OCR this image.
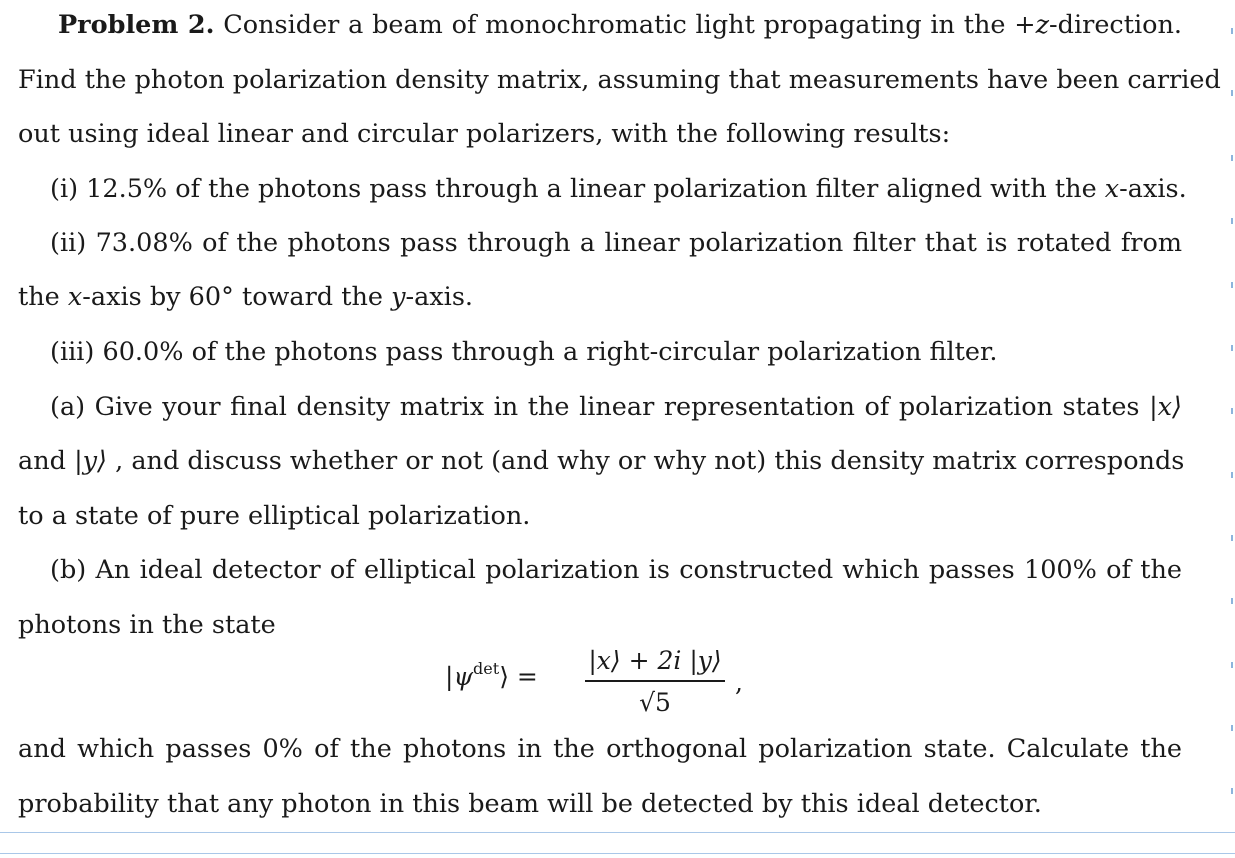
Problem 2. Consider a beam of monochromatic light propagating in the +z-direction.
Find the photon polarization density matrix, assuming that measurements have been carried
out using ideal linear and circular polarizers, with the following results:
(i) 12.5% of the photons pass through a linear polarization filter aligned with the x-axis.
(ii) 73.08% of the photons pass through a linear polarization filter that is rotated from
the x-axis by 60° toward the y-axis.
(iii) 60.0% of the photons pass through a right-circular polarization filter.
(a) Give your final density matrix in the linear representation of polarization states |x⟩
and |y⟩ , and discuss whether or not (and why or why not) this density matrix corresponds
to a state of pure elliptical polarization.
(b) An ideal detector of elliptical polarization is constructed which passes 100% of the
photons in the state
$|\psi^{det}⟩$ =
|x⟩ + 2i |y⟩
√5
,
and which passes 0% of the photons in the orthogonal polarization state. Calculate the
probability that any photon in this beam will be detected by this ideal detector.
